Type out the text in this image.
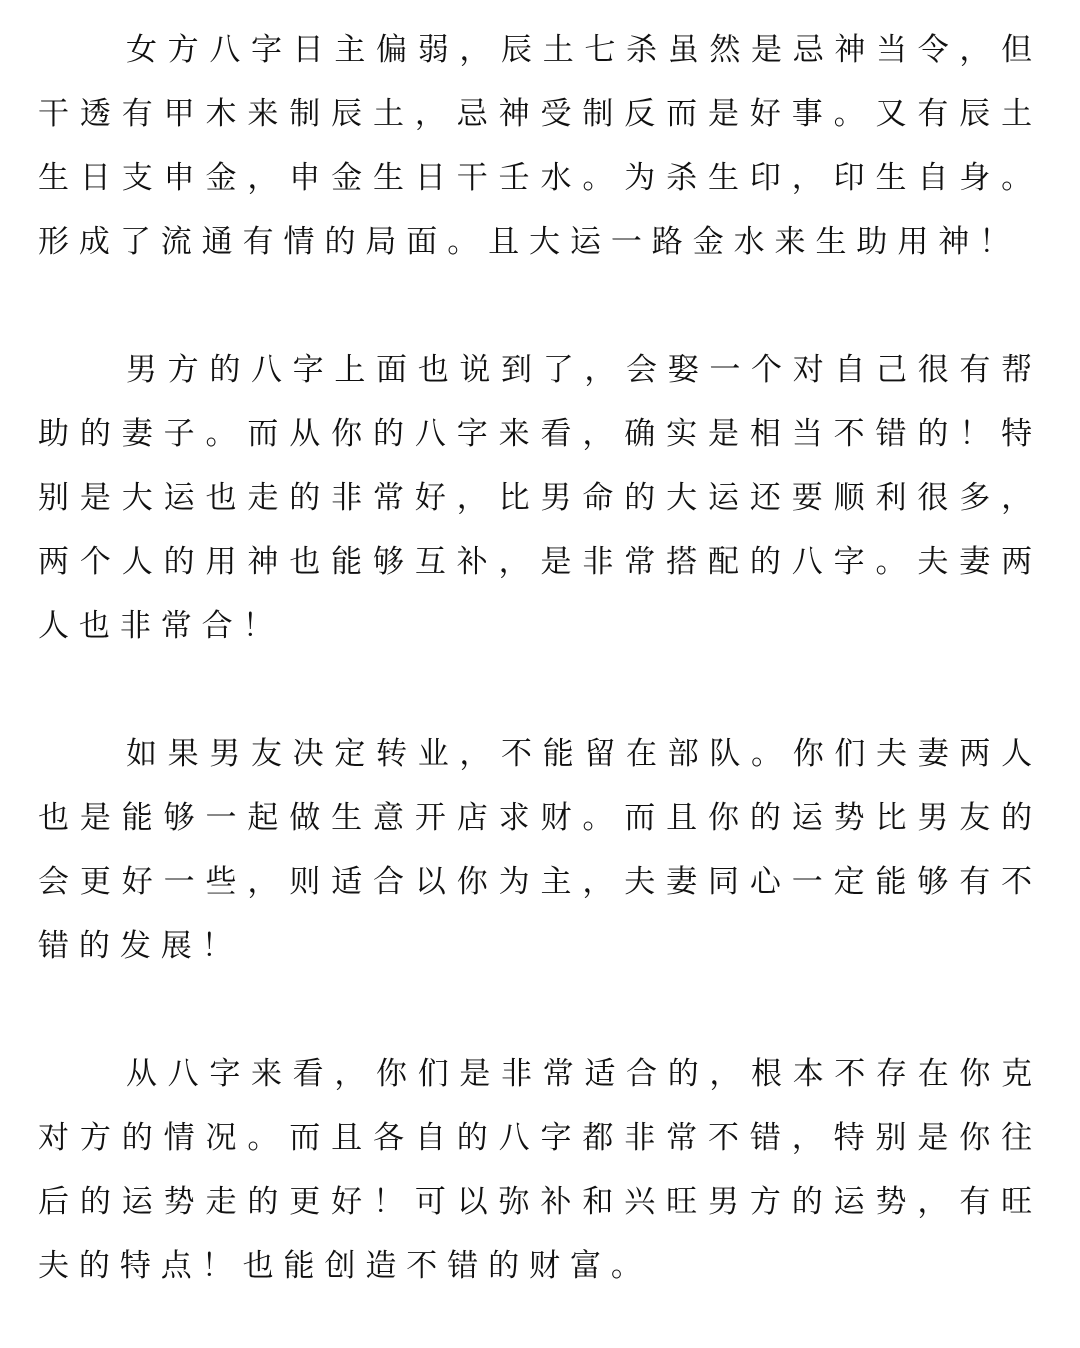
女方八字日主偏弱，辰土七杀虽然是忌神当令，但干透有甲木来制辰土，忌神受制反而是好事。又有辰土生日支申金，申金生日干壬水。为杀生印，印生自身。形成了流通有情的局面。且大运一路金水来生助用神！

男方的八字上面也说到了，会娶一个对自己很有帮助的妻子。而从你的八字来看，确实是相当不错的！特别是大运也走的非常好，比男命的大运还要顺利很多，两个人的用神也能够互补，是非常搭配的八字。夫妻两人也非常合！

如果男友决定转业，不能留在部队。你们夫妻两人也是能够一起做生意开店求财。而且你的运势比男友的会更好一些，则适合以你为主，夫妻同心一定能够有不错的发展！

从八字来看，你们是非常适合的，根本不存在你克对方的情况。而且各自的八字都非常不错，特别是你往后的运势走的更好！可以弥补和兴旺男方的运势，有旺夫的特点！也能创造不错的财富。
